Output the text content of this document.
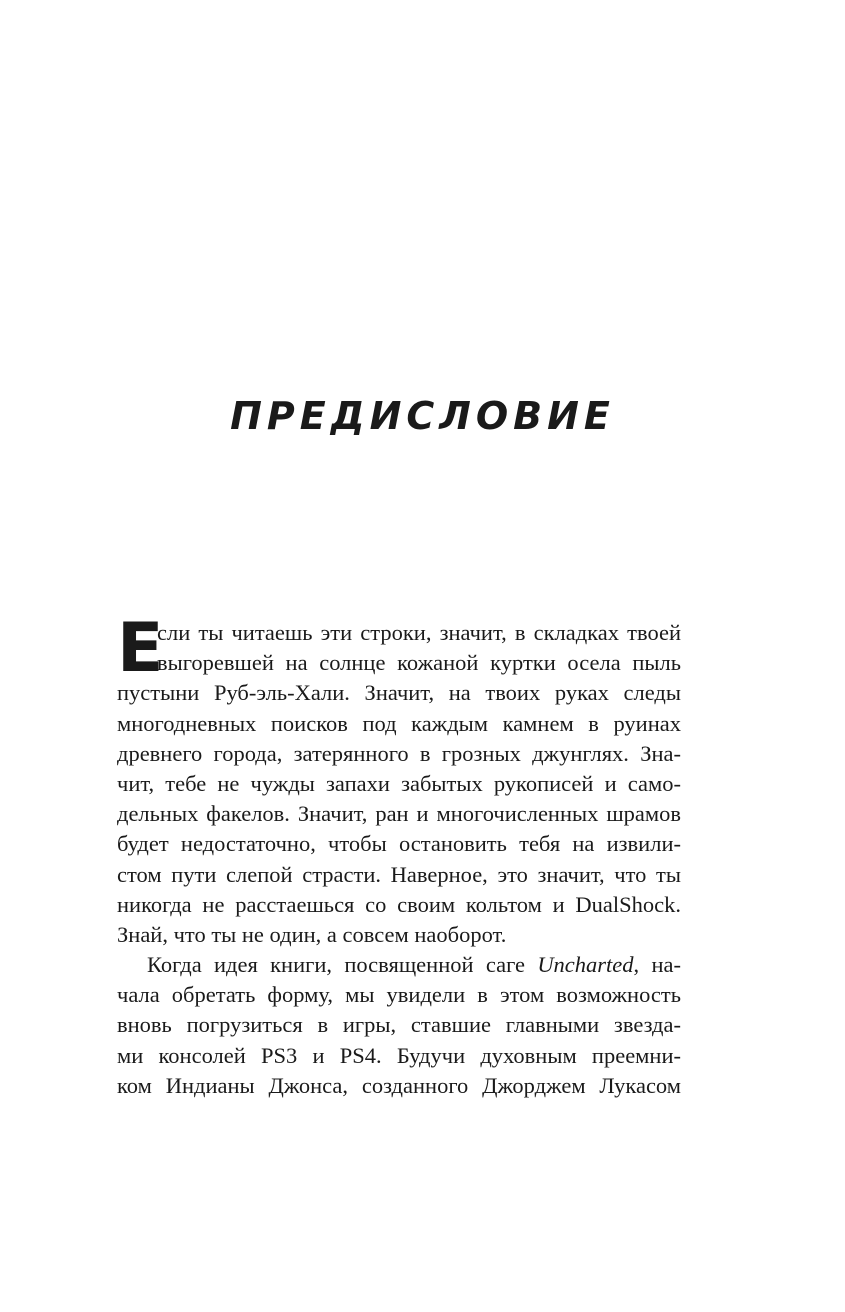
ПРЕДИСЛОВИЕ
Е
сли ты читаешь эти строки, значит, в складках твоей
выгоревшей на солнце кожаной куртки осела пыль
пустыни Руб-эль-Хали. Значит, на твоих руках следы
многодневных поисков под каждым камнем в руинах
древнего города, затерянного в грозных джунглях. Зна-
чит, тебе не чужды запахи забытых рукописей и само-
дельных факелов. Значит, ран и многочисленных шрамов
будет недостаточно, чтобы остановить тебя на извили-
стом пути слепой страсти. Наверное, это значит, что ты
никогда не расстаешься со своим кольтом и DualShock.
Знай, что ты не один, а совсем наоборот.
Когда идея книги, посвященной саге Uncharted, на-
чала обретать форму, мы увидели в этом возможность
вновь погрузиться в игры, ставшие главными звезда-
ми консолей PS3 и PS4. Будучи духовным преемни-
ком Индианы Джонса, созданного Джорджем Лукасом
